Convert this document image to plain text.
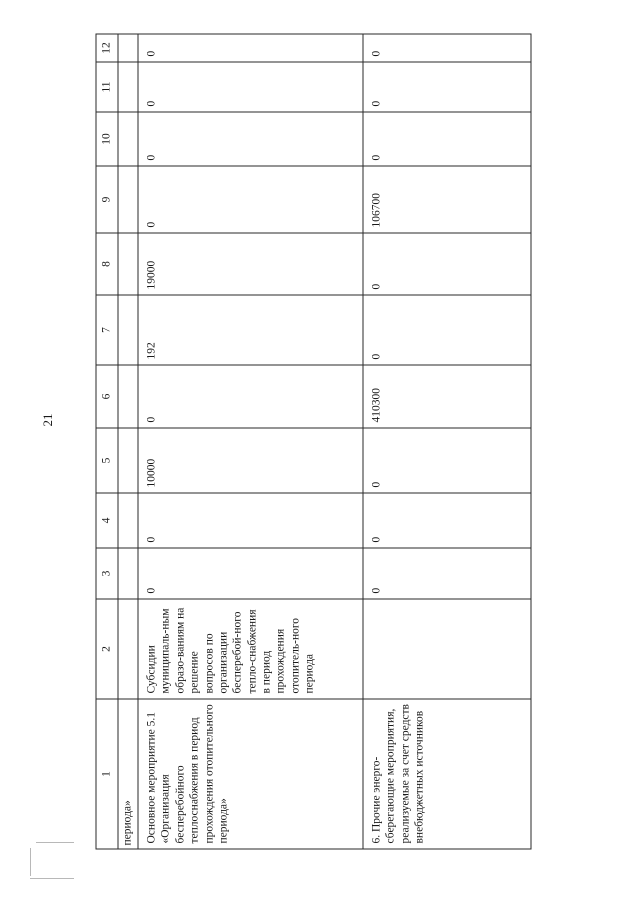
21
1	2	3	4	5	6	7	8	9	10	11	12
периода»											
Основное мероприятие 5.1 «Организация бесперебойного теплоснабжения в период прохождения отопительного периода»	Субсидии муниципаль-ным образо-ваниям на решение вопросов по организации бесперебой-ного тепло-снабжения в период прохождения отопитель-ного периода	0	0	10000	0	192	19000	0	0	0	0
6. Прочие энерго-сберегающие мероприятия, реализуемые за счет средств внебюджетных источников		0	0	0	410300	0	0	106700	0	0	0
